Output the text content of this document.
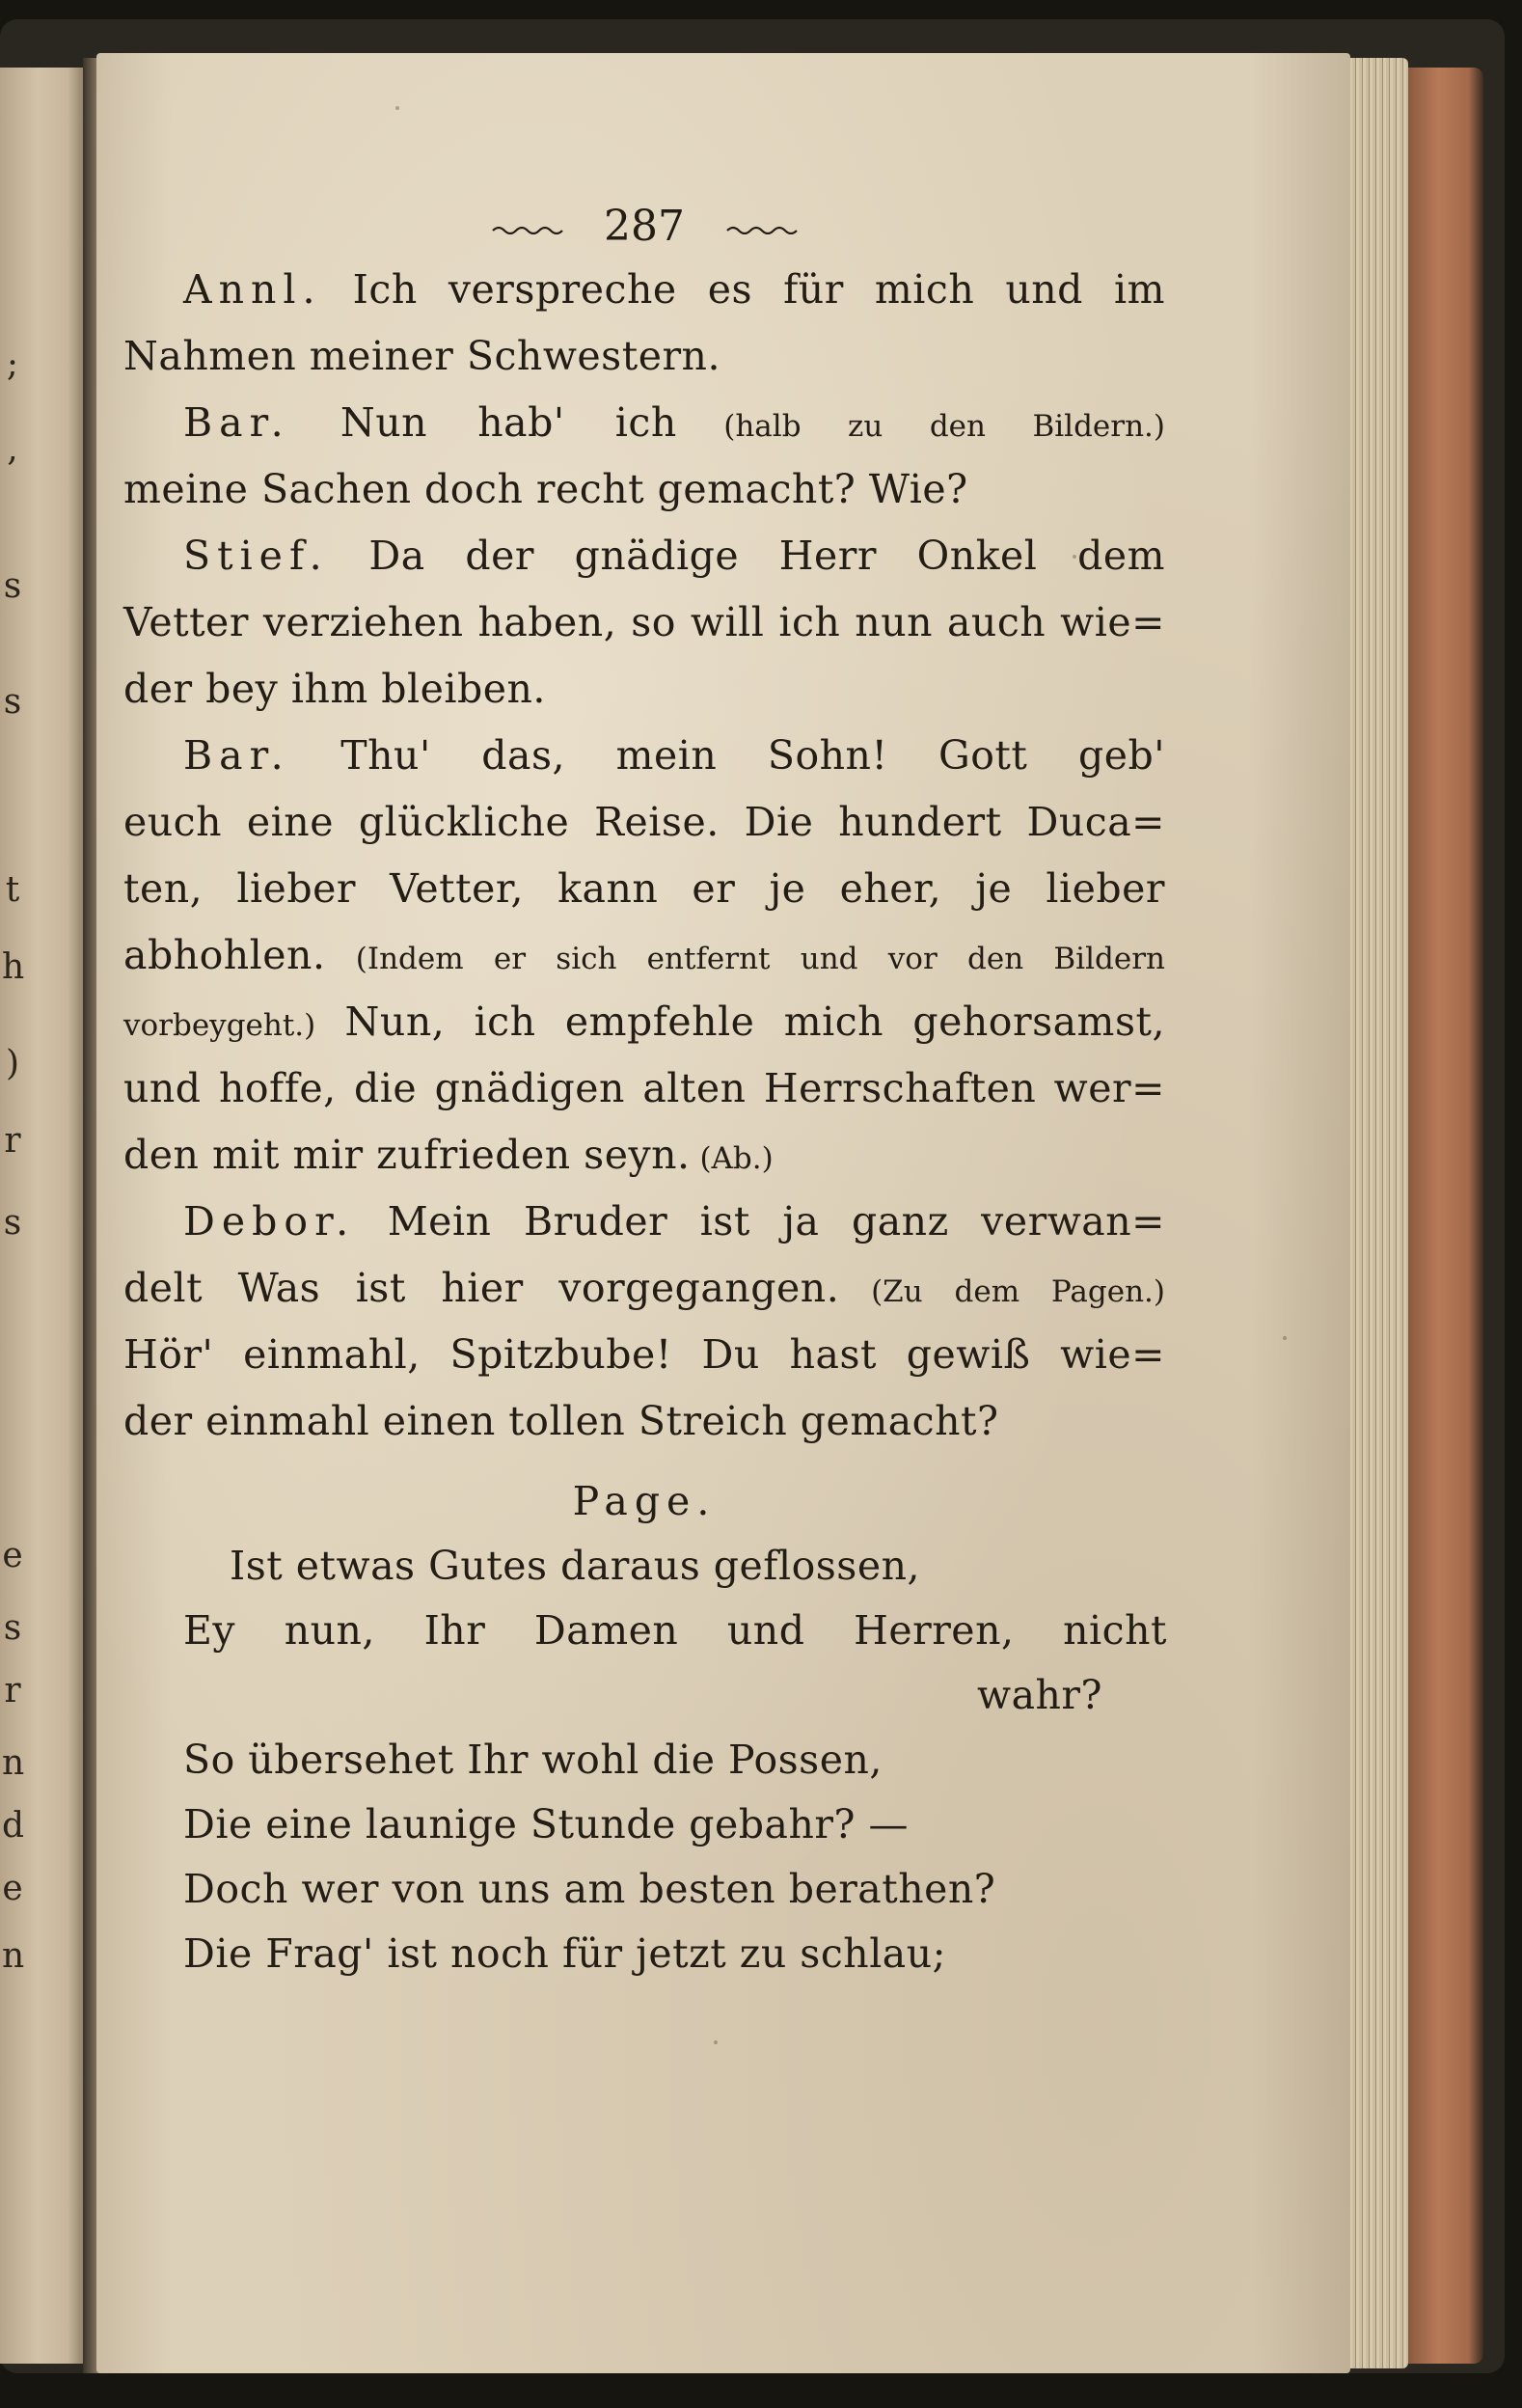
;
,
s
s
t
h
)
r
s
e
s
r
n
d
e
n
287
Annl. Ich verspreche es für mich und im
Nahmen meiner Schwestern.
Bar. Nun hab' ich (halb zu den Bildern.)
meine Sachen doch recht gemacht? Wie?
Stief. Da der gnädige Herr Onkel dem
Vetter verziehen haben, so will ich nun auch wie=
der bey ihm bleiben.
Bar. Thu' das, mein Sohn! Gott geb'
euch eine glückliche Reise. Die hundert Duca=
ten, lieber Vetter, kann er je eher, je lieber
abhohlen. (Indem er sich entfernt und vor den Bildern
vorbeygeht.) Nun, ich empfehle mich gehorsamst,
und hoffe, die gnädigen alten Herrschaften wer=
den mit mir zufrieden seyn. (Ab.)
Debor. Mein Bruder ist ja ganz verwan=
delt Was ist hier vorgegangen. (Zu dem Pagen.)
Hör' einmahl, Spitzbube! Du hast gewiß wie=
der einmahl einen tollen Streich gemacht?
Page.
Ist etwas Gutes daraus geflossen,
Ey nun, Ihr Damen und Herren, nicht
wahr?
So übersehet Ihr wohl die Possen,
Die eine launige Stunde gebahr? —
Doch wer von uns am besten berathen?
Die Frag' ist noch für jetzt zu schlau;
